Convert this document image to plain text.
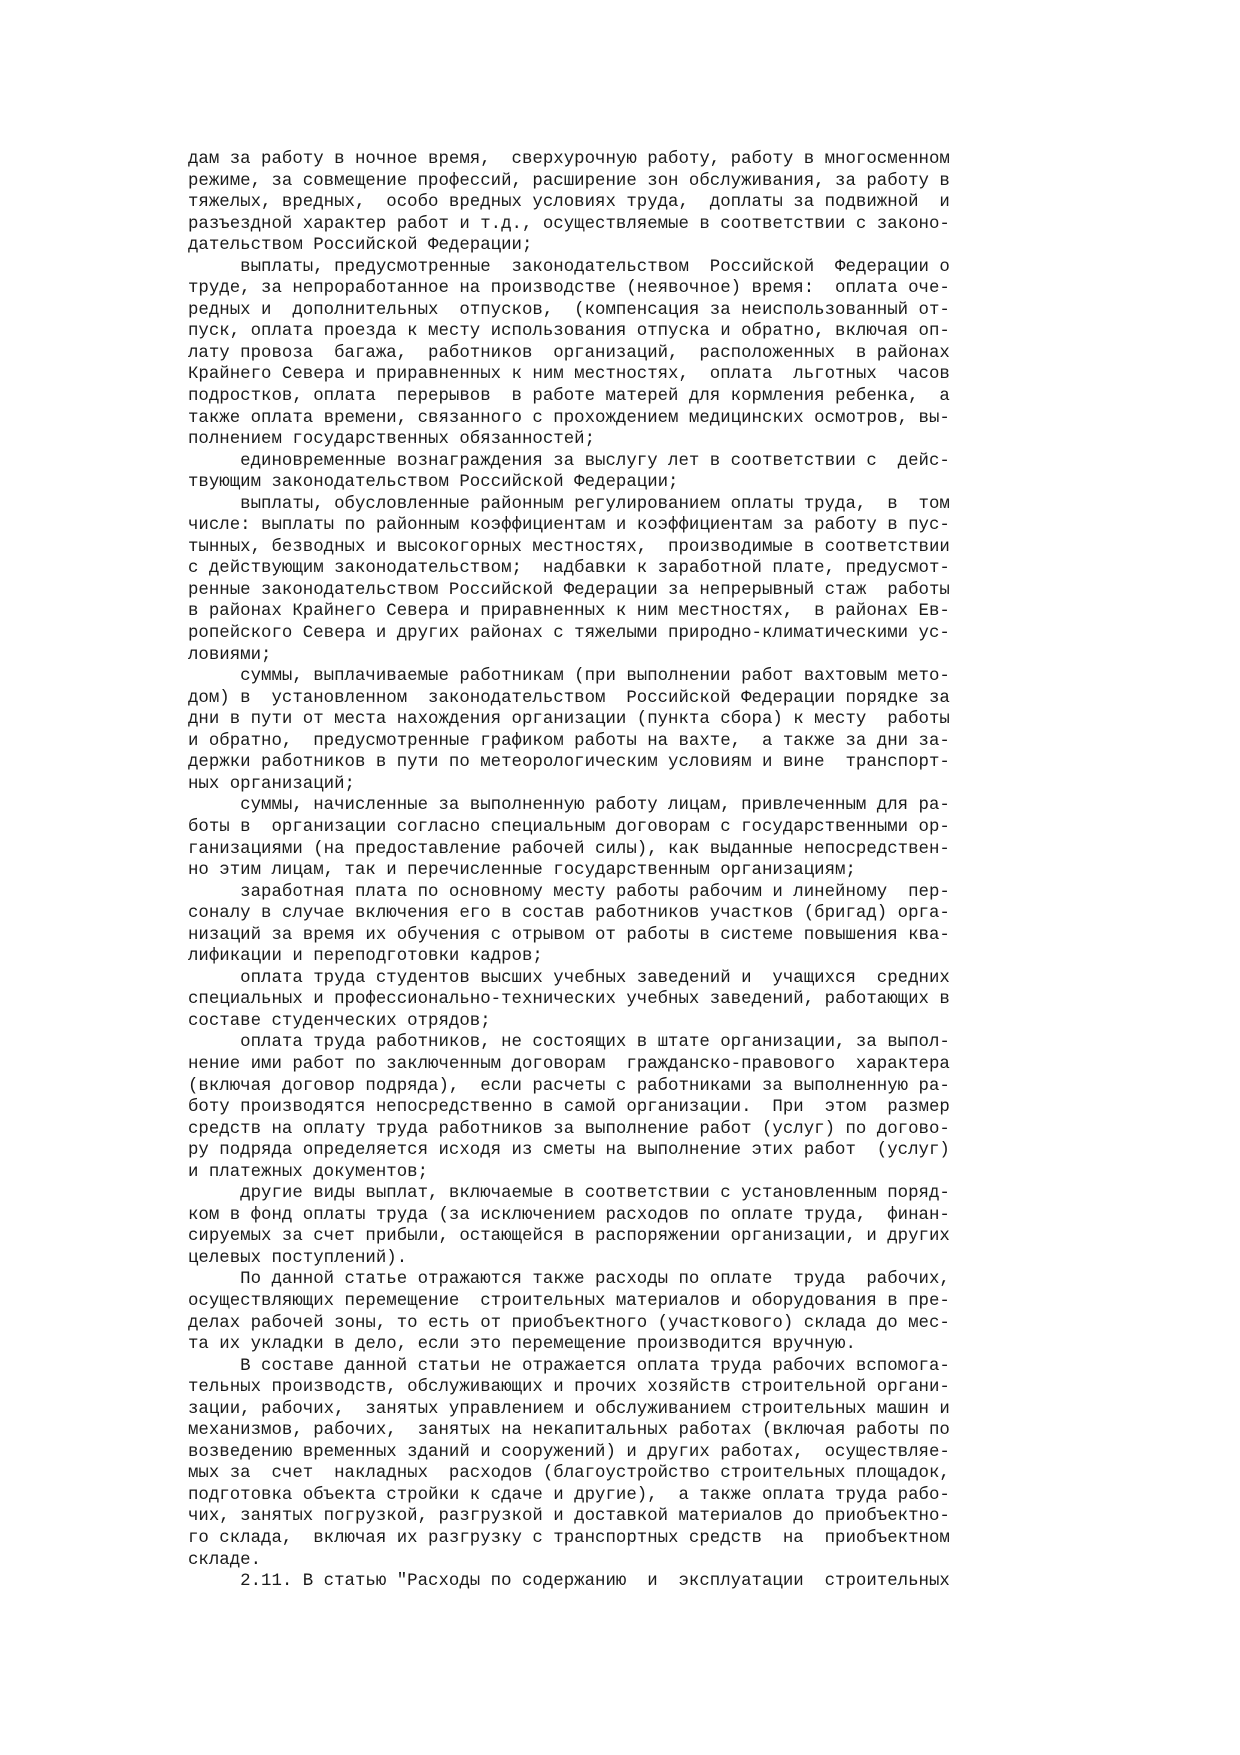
дам за работу в ночное время,  сверхурочную работу, работу в многосменном
режиме, за совмещение профессий, расширение зон обслуживания, за работу в
тяжелых, вредных,  особо вредных условиях труда,  доплаты за подвижной  и
разъездной характер работ и т.д., осуществляемые в соответствии с законо-
дательством Российской Федерации;
выплаты, предусмотренные  законодательством  Российской  Федерации о
труде, за непроработанное на производстве (неявочное) время:  оплата оче-
редных и  дополнительных  отпусков,  (компенсация за неиспользованный от-
пуск, оплата проезда к месту использования отпуска и обратно, включая оп-
лату провоза  багажа,  работников  организаций,  расположенных  в районах
Крайнего Севера и приравненных к ним местностях,  оплата  льготных  часов
подростков, оплата  перерывов  в работе матерей для кормления ребенка,  а
также оплата времени, связанного с прохождением медицинских осмотров, вы-
полнением государственных обязанностей;
единовременные вознаграждения за выслугу лет в соответствии с  дейс-
твующим законодательством Российской Федерации;
выплаты, обусловленные районным регулированием оплаты труда,  в  том
числе: выплаты по районным коэффициентам и коэффициентам за работу в пус-
тынных, безводных и высокогорных местностях,  производимые в соответствии
с действующим законодательством;  надбавки к заработной плате, предусмот-
ренные законодательством Российской Федерации за непрерывный стаж  работы
в районах Крайнего Севера и приравненных к ним местностях,  в районах Ев-
ропейского Севера и других районах с тяжелыми природно-климатическими ус-
ловиями;
суммы, выплачиваемые работникам (при выполнении работ вахтовым мето-
дом) в  установленном  законодательством  Российской Федерации порядке за
дни в пути от места нахождения организации (пункта сбора) к месту  работы
и обратно,  предусмотренные графиком работы на вахте,  а также за дни за-
держки работников в пути по метеорологическим условиям и вине  транспорт-
ных организаций;
суммы, начисленные за выполненную работу лицам, привлеченным для ра-
боты в  организации согласно специальным договорам с государственными ор-
ганизациями (на предоставление рабочей силы), как выданные непосредствен-
но этим лицам, так и перечисленные государственным организациям;
заработная плата по основному месту работы рабочим и линейному  пер-
соналу в случае включения его в состав работников участков (бригад) орга-
низаций за время их обучения с отрывом от работы в системе повышения ква-
лификации и переподготовки кадров;
оплата труда студентов высших учебных заведений и  учащихся  средних
специальных и профессионально-технических учебных заведений, работающих в
составе студенческих отрядов;
оплата труда работников, не состоящих в штате организации, за выпол-
нение ими работ по заключенным договорам  гражданско-правового  характера
(включая договор подряда),  если расчеты с работниками за выполненную ра-
боту производятся непосредственно в самой организации.  При  этом  размер
средств на оплату труда работников за выполнение работ (услуг) по догово-
ру подряда определяется исходя из сметы на выполнение этих работ  (услуг)
и платежных документов;
другие виды выплат, включаемые в соответствии с установленным поряд-
ком в фонд оплаты труда (за исключением расходов по оплате труда,  финан-
сируемых за счет прибыли, остающейся в распоряжении организации, и других
целевых поступлений).
По данной статье отражаются также расходы по оплате  труда  рабочих,
осуществляющих перемещение  строительных материалов и оборудования в пре-
делах рабочей зоны, то есть от приобъектного (участкового) склада до мес-
та их укладки в дело, если это перемещение производится вручную.
В составе данной статьи не отражается оплата труда рабочих вспомога-
тельных производств, обслуживающих и прочих хозяйств строительной органи-
зации, рабочих,  занятых управлением и обслуживанием строительных машин и
механизмов, рабочих,  занятых на некапитальных работах (включая работы по
возведению временных зданий и сооружений) и других работах,  осуществляе-
мых за  счет  накладных  расходов (благоустройство строительных площадок,
подготовка объекта стройки к сдаче и другие),  а также оплата труда рабо-
чих, занятых погрузкой, разгрузкой и доставкой материалов до приобъектно-
го склада,  включая их разгрузку с транспортных средств  на  приобъектном
складе.
2.11. В статью "Расходы по содержанию  и  эксплуатации  строительных
